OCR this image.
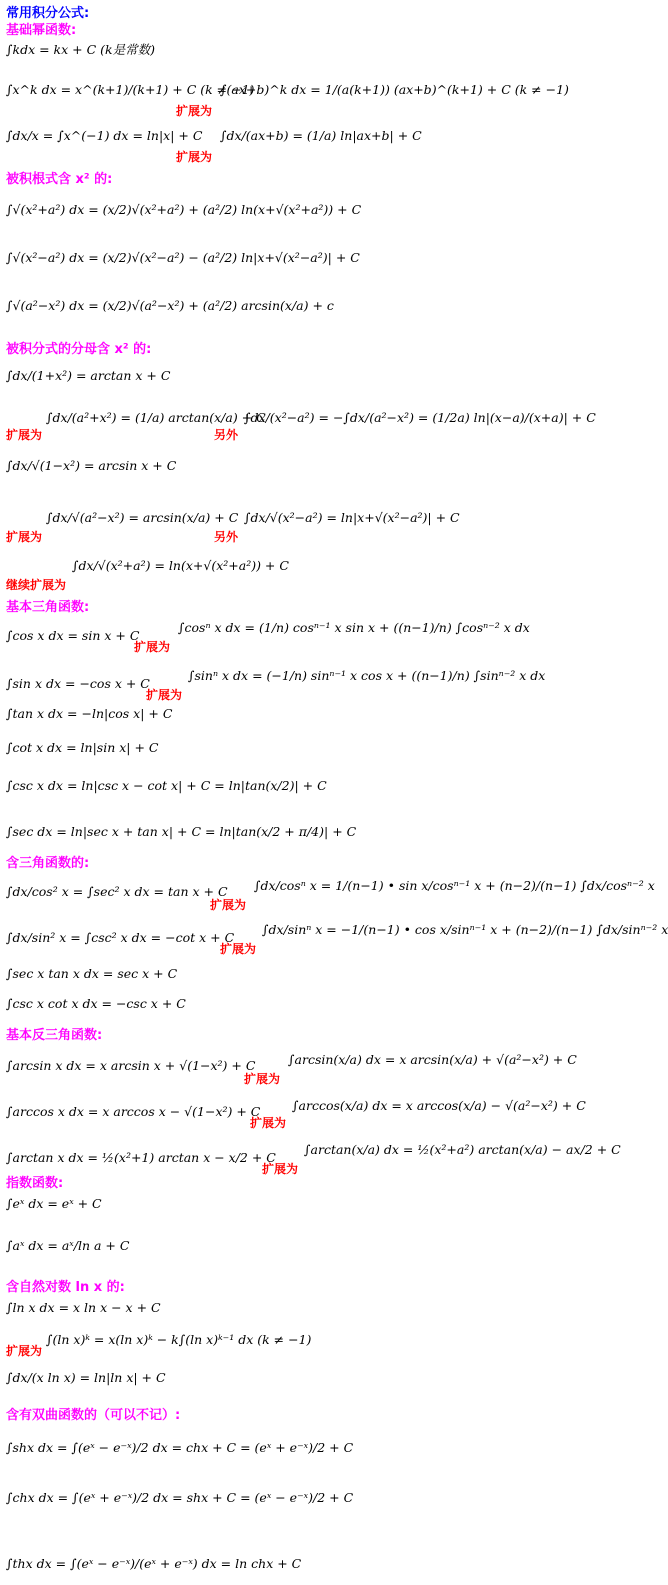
常用积分公式:
基础幂函数:
∫kdx = kx + C (k是常数)
∫x^k dx = x^(k+1)/(k+1) + C (k ≠ −1)
扩展为
∫(ax+b)^k dx = 1/(a(k+1)) (ax+b)^(k+1) + C (k ≠ −1)
∫dx/x = ∫x^(−1) dx = ln|x| + C
扩展为
∫dx/(ax+b) = (1/a) ln|ax+b| + C
被积根式含 x² 的:
∫√(x²+a²) dx = (x/2)√(x²+a²) + (a²/2) ln(x+√(x²+a²)) + C
∫√(x²−a²) dx = (x/2)√(x²−a²) − (a²/2) ln|x+√(x²−a²)| + C
∫√(a²−x²) dx = (x/2)√(a²−x²) + (a²/2) arcsin(x/a) + c
被积分式的分母含 x² 的:
∫dx/(1+x²) = arctan x + C
扩展为
∫dx/(a²+x²) = (1/a) arctan(x/a) + C
另外
∫dx/(x²−a²) = −∫dx/(a²−x²) = (1/2a) ln|(x−a)/(x+a)| + C
∫dx/√(1−x²) = arcsin x + C
扩展为
∫dx/√(a²−x²) = arcsin(x/a) + C
另外
∫dx/√(x²−a²) = ln|x+√(x²−a²)| + C
继续扩展为
∫dx/√(x²+a²) = ln(x+√(x²+a²)) + C
基本三角函数:
∫cos x dx = sin x + C
扩展为
∫cosⁿ x dx = (1/n) cosⁿ⁻¹ x sin x + ((n−1)/n) ∫cosⁿ⁻² x dx
∫sin x dx = −cos x + C
扩展为
∫sinⁿ x dx = (−1/n) sinⁿ⁻¹ x cos x + ((n−1)/n) ∫sinⁿ⁻² x dx
∫tan x dx = −ln|cos x| + C
∫cot x dx = ln|sin x| + C
∫csc x dx = ln|csc x − cot x| + C = ln|tan(x/2)| + C
∫sec dx = ln|sec x + tan x| + C = ln|tan(x/2 + π/4)| + C
含三角函数的:
∫dx/cos² x = ∫sec² x dx = tan x + C
扩展为
∫dx/cosⁿ x = 1/(n−1) • sin x/cosⁿ⁻¹ x + (n−2)/(n−1) ∫dx/cosⁿ⁻² x
∫dx/sin² x = ∫csc² x dx = −cot x + C
扩展为
∫dx/sinⁿ x = −1/(n−1) • cos x/sinⁿ⁻¹ x + (n−2)/(n−1) ∫dx/sinⁿ⁻² x
∫sec x tan x dx = sec x + C
∫csc x cot x dx = −csc x + C
基本反三角函数:
∫arcsin x dx = x arcsin x + √(1−x²) + C
扩展为
∫arcsin(x/a) dx = x arcsin(x/a) + √(a²−x²) + C
∫arccos x dx = x arccos x − √(1−x²) + C
扩展为
∫arccos(x/a) dx = x arccos(x/a) − √(a²−x²) + C
∫arctan x dx = ½(x²+1) arctan x − x/2 + C
扩展为
∫arctan(x/a) dx = ½(x²+a²) arctan(x/a) − ax/2 + C
指数函数:
∫eˣ dx = eˣ + C
∫aˣ dx = aˣ/ln a + C
含自然对数 ln x 的:
∫ln x dx = x ln x − x + C
扩展为
∫(ln x)ᵏ = x(ln x)ᵏ − k∫(ln x)ᵏ⁻¹ dx (k ≠ −1)
∫dx/(x ln x) = ln|ln x| + C
含有双曲函数的（可以不记）:
∫shx dx = ∫(eˣ − e⁻ˣ)/2 dx = chx + C = (eˣ + e⁻ˣ)/2 + C
∫chx dx = ∫(eˣ + e⁻ˣ)/2 dx = shx + C = (eˣ − e⁻ˣ)/2 + C
∫thx dx = ∫(eˣ − e⁻ˣ)/(eˣ + e⁻ˣ) dx = ln chx + C
